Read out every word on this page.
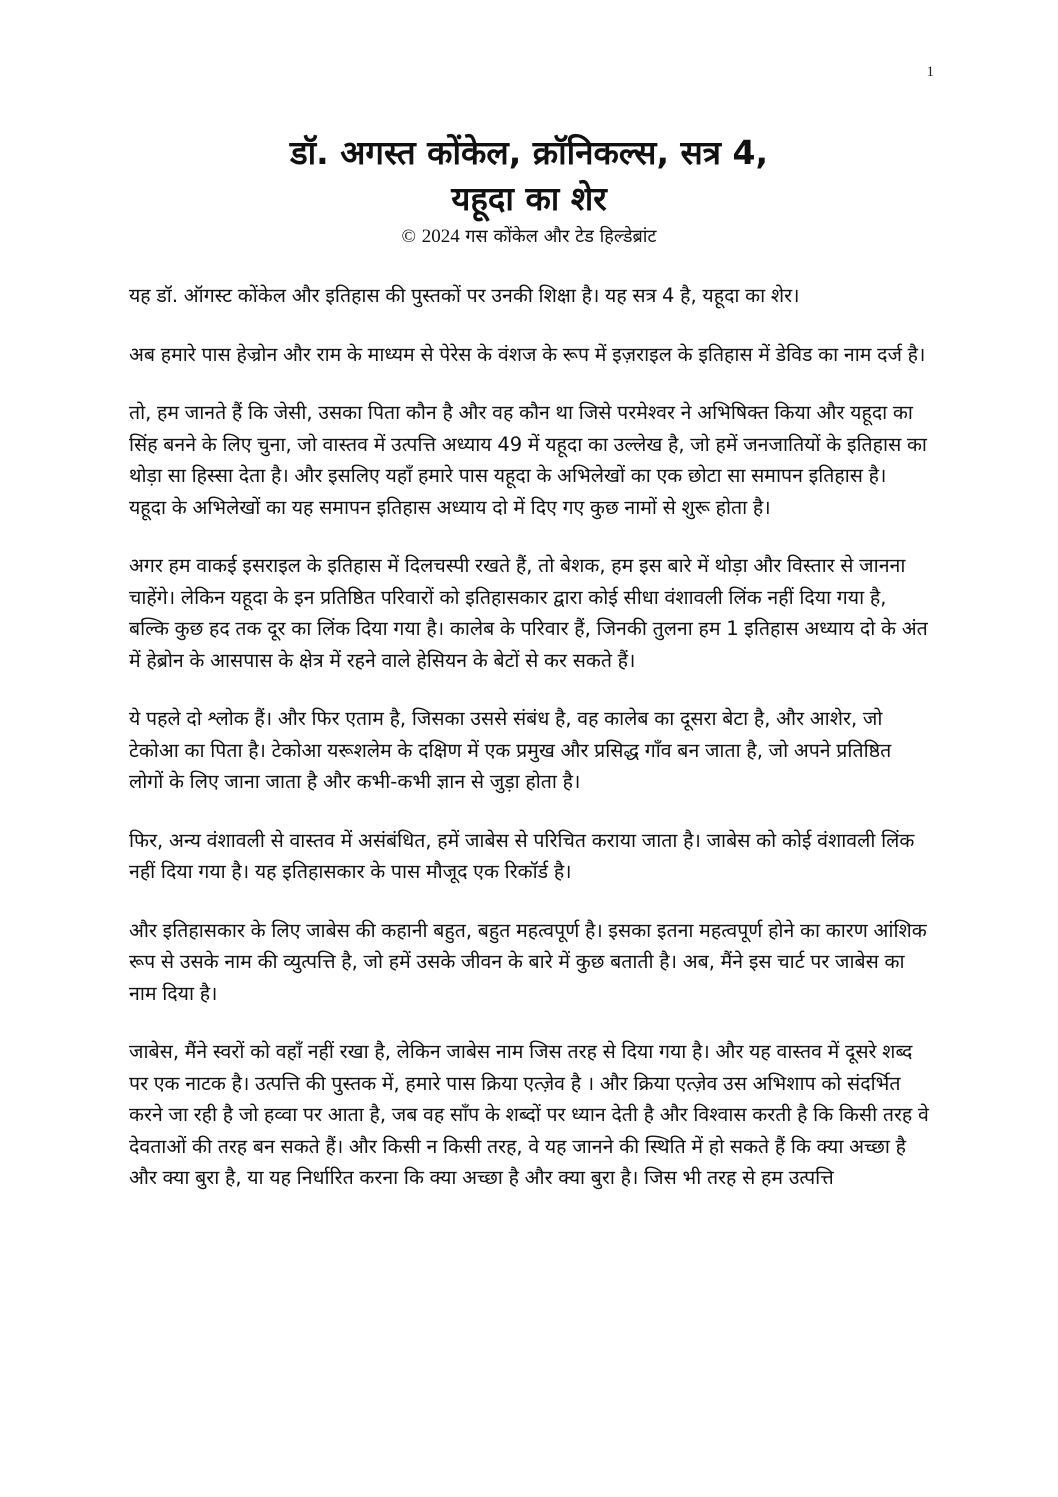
1
डॉ. अगस्त कोंकेल, क्रॉनिकल्स, सत्र 4,
यहूदा का शेर

© 2024 गस कोंकेल और टेड हिल्डेब्रांट

यह डॉ. ऑगस्ट कोंकेल और इतिहास की पुस्तकों पर उनकी शिक्षा है। यह सत्र 4 है, यहूदा का शेर।

अब हमारे पास हेज्रोन और राम के माध्यम से पेरेस के वंशज के रूप में इज़राइल के इतिहास में डेविड का नाम दर्ज है।

तो, हम जानते हैं कि जेसी, उसका पिता कौन है और वह कौन था जिसे परमेश्वर ने अभिषिक्त किया और यहूदा का सिंह बनने के लिए चुना, जो वास्तव में उत्पत्ति अध्याय 49 में यहूदा का उल्लेख है, जो हमें जनजातियों के इतिहास का थोड़ा सा हिस्सा देता है। और इसलिए यहाँ हमारे पास यहूदा के अभिलेखों का एक छोटा सा समापन इतिहास है। यहूदा के अभिलेखों का यह समापन इतिहास अध्याय दो में दिए गए कुछ नामों से शुरू होता है।

अगर हम वाकई इसराइल के इतिहास में दिलचस्पी रखते हैं, तो बेशक, हम इस बारे में थोड़ा और विस्तार से जानना चाहेंगे। लेकिन यहूदा के इन प्रतिष्ठित परिवारों को इतिहासकार द्वारा कोई सीधा वंशावली लिंक नहीं दिया गया है, बल्कि कुछ हद तक दूर का लिंक दिया गया है। कालेब के परिवार हैं, जिनकी तुलना हम 1 इतिहास अध्याय दो के अंत में हेब्रोन के आसपास के क्षेत्र में रहने वाले हेसियन के बेटों से कर सकते हैं।

ये पहले दो श्लोक हैं। और फिर एताम है, जिसका उससे संबंध है, वह कालेब का दूसरा बेटा है, और आशेर, जो टेकोआ का पिता है। टेकोआ यरूशलेम के दक्षिण में एक प्रमुख और प्रसिद्ध गाँव बन जाता है, जो अपने प्रतिष्ठित लोगों के लिए जाना जाता है और कभी-कभी ज्ञान से जुड़ा होता है।

फिर, अन्य वंशावली से वास्तव में असंबंधित, हमें जाबेस से परिचित कराया जाता है। जाबेस को कोई वंशावली लिंक नहीं दिया गया है। यह इतिहासकार के पास मौजूद एक रिकॉर्ड है।

और इतिहासकार के लिए जाबेस की कहानी बहुत, बहुत महत्वपूर्ण है। इसका इतना महत्वपूर्ण होने का कारण आंशिक रूप से उसके नाम की व्युत्पत्ति है, जो हमें उसके जीवन के बारे में कुछ बताती है। अब, मैंने इस चार्ट पर जाबेस का नाम दिया है।

जाबेस, मैंने स्वरों को वहाँ नहीं रखा है, लेकिन जाबेस नाम जिस तरह से दिया गया है। और यह वास्तव में दूसरे शब्द पर एक नाटक है। उत्पत्ति की पुस्तक में, हमारे पास क्रिया एत्ज़ेव है । और क्रिया एत्ज़ेव उस अभिशाप को संदर्भित करने जा रही है जो हव्वा पर आता है, जब वह साँप के शब्दों पर ध्यान देती है और विश्वास करती है कि किसी तरह वे देवताओं की तरह बन सकते हैं। और किसी न किसी तरह, वे यह जानने की स्थिति में हो सकते हैं कि क्या अच्छा है और क्या बुरा है, या यह निर्धारित करना कि क्या अच्छा है और क्या बुरा है। जिस भी तरह से हम उत्पत्ति
